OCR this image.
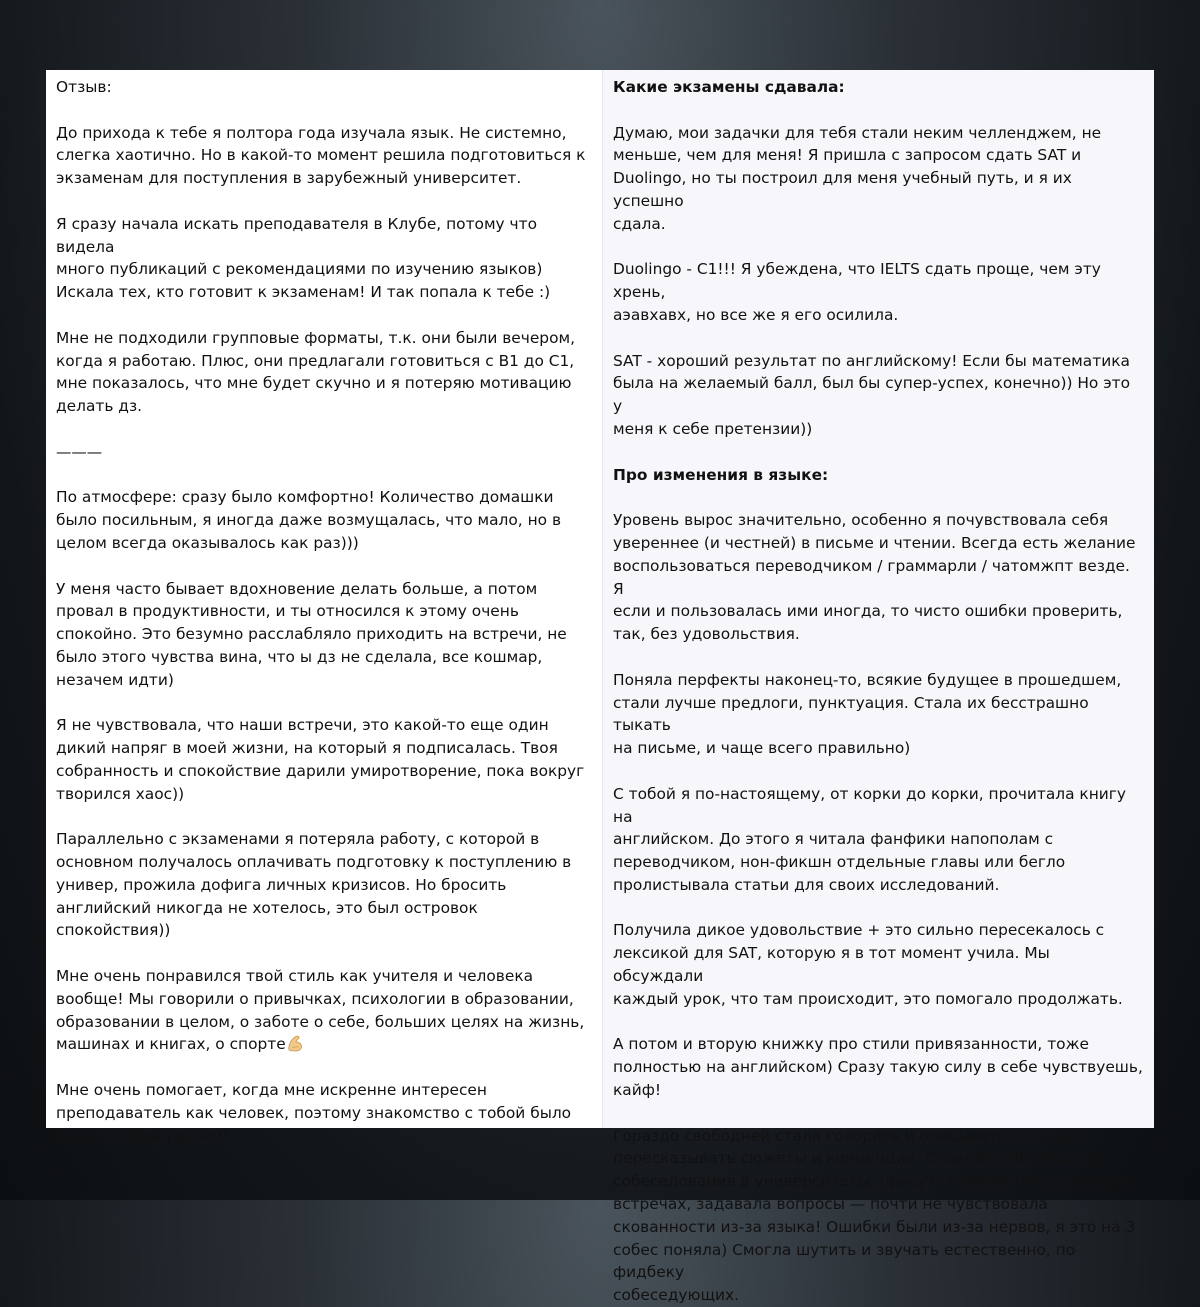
Отзыв:

До прихода к тебе я полтора года изучала язык. Не системно,
слегка хаотично. Но в какой-то момент решила подготовиться к
экзаменам для поступления в зарубежный университет.

Я сразу начала искать преподавателя в Клубе, потому что видела
много публикаций с рекомендациями по изучению языков)
Искала тех, кто готовит к экзаменам! И так попала к тебе :)

Мне не подходили групповые форматы, т.к. они были вечером,
когда я работаю. Плюс, они предлагали готовиться с B1 до C1,
мне показалось, что мне будет скучно и я потеряю мотивацию
делать дз.

———

По атмосфере: сразу было комфортно! Количество домашки
было посильным, я иногда даже возмущалась, что мало, но в
целом всегда оказывалось как раз)))

У меня часто бывает вдохновение делать больше, а потом
провал в продуктивности, и ты относился к этому очень
спокойно. Это безумно расслабляло приходить на встречи, не
было этого чувства вина, что ы дз не сделала, все кошмар,
незачем идти)

Я не чувствовала, что наши встречи, это какой-то еще один
дикий напряг в моей жизни, на который я подписалась. Твоя
собранность и спокойствие дарили умиротворение, пока вокруг
творился хаос))

Параллельно с экзаменами я потеряла работу, с которой в
основном получалось оплачивать подготовку к поступлению в
универ, прожила дофига личных кризисов. Но бросить
английский никогда не хотелось, это был островок спокойствия))

Мне очень понравился твой стиль как учителя и человека
вообще! Мы говорили о привычках, психологии в образовании,
образовании в целом, о заботе о себе, больших целях на жизнь,
машинах и книгах, о спорте

Мне очень помогает, когда мне искренне интересен
преподаватель как человек, поэтому знакомство с тобой было
бесконечной удачей!

Какие экзамены сдавала:

Думаю, мои задачки для тебя стали неким челленджем, не
меньше, чем для меня! Я пришла с запросом сдать SAT и
Duolingo, но ты построил для меня учебный путь, и я их успешно
сдала.

Duolingo - C1!!! Я убеждена, что IELTS сдать проще, чем эту хрень,
аэавхавх, но все же я его осилила.

SAT - хороший результат по английскому! Если бы математика
была на желаемый балл, был бы супер-успех, конечно)) Но это у
меня к себе претензии))

Про изменения в языке:

Уровень вырос значительно, особенно я почувствовала себя
увереннее (и честней) в письме и чтении. Всегда есть желание
воспользоваться переводчиком / граммарли / чатомжпт везде. Я
если и пользовалась ими иногда, то чисто ошибки проверить,
так, без удовольствия.

Поняла перфекты наконец-то, всякие будущее в прошедшем,
стали лучше предлоги, пунктуация. Стала их бесстрашно тыкать
на письме, и чаще всего правильно)

С тобой я по-настоящему, от корки до корки, прочитала книгу на
английском. До этого я читала фанфики напополам с
переводчиком, нон-фикшн отдельные главы или бегло
пролистывала статьи для своих исследований.

Получила дикое удовольствие + это сильно пересекалось с
лексикой для SAT, которую я в тот момент учила. Мы обсуждали
каждый урок, что там происходит, это помогало продолжать.

А потом и вторую книжку про стили привязанности, тоже
полностью на английском) Сразу такую силу в себе чувствуешь,
кайф!

Гораздо свободней стала говорить и описывать ситуации,
пересказывать сюжеты и концепции. Спокойно проходила
собеседования в университеты, присутствовала на групповых
встречах, задавала вопросы — почти не чувствовала
скованности из-за языка! Ошибки были из-за нервов, я это на 3
собес поняла) Смогла шутить и звучать естественно, по фидбеку
собеседующих.
